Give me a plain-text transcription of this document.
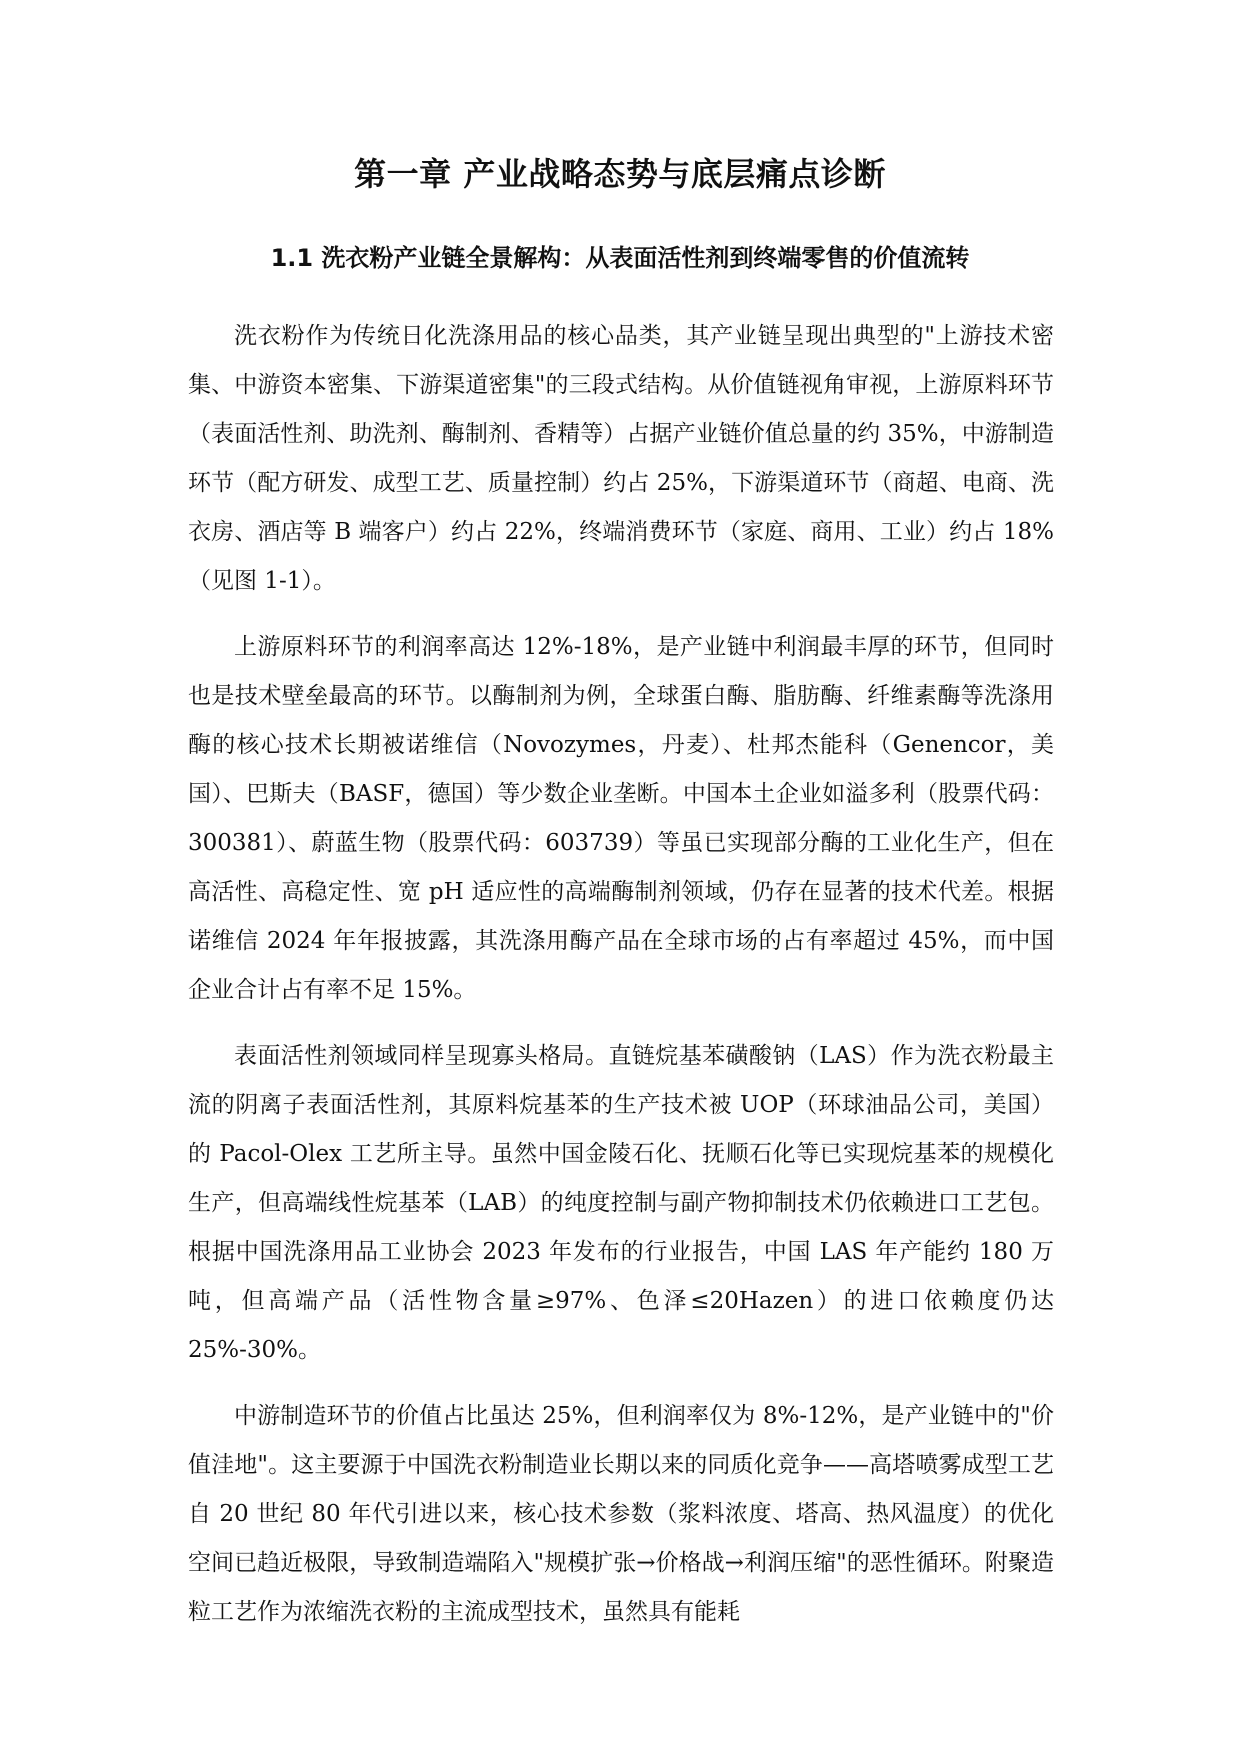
第一章 产业战略态势与底层痛点诊断
1.1 洗衣粉产业链全景解构：从表面活性剂到终端零售的价值流转

洗衣粉作为传统日化洗涤用品的核心品类，其产业链呈现出典型的"上游技术密集、中游资本密集、下游渠道密集"的三段式结构。从价值链视角审视，上游原料环节（表面活性剂、助洗剂、酶制剂、香精等）占据产业链价值总量的约 35%，中游制造环节（配方研发、成型工艺、质量控制）约占 25%，下游渠道环节（商超、电商、洗衣房、酒店等 B 端客户）约占 22%，终端消费环节（家庭、商用、工业）约占 18%（见图 1-1）。

上游原料环节的利润率高达 12%-18%，是产业链中利润最丰厚的环节，但同时也是技术壁垒最高的环节。以酶制剂为例，全球蛋白酶、脂肪酶、纤维素酶等洗涤用酶的核心技术长期被诺维信（Novozymes，丹麦）、杜邦杰能科（Genencor，美国）、巴斯夫（BASF，德国）等少数企业垄断。中国本土企业如溢多利（股票代码：300381）、蔚蓝生物（股票代码：603739）等虽已实现部分酶的工业化生产，但在高活性、高稳定性、宽 pH 适应性的高端酶制剂领域，仍存在显著的技术代差。根据诺维信 2024 年年报披露，其洗涤用酶产品在全球市场的占有率超过 45%，而中国企业合计占有率不足 15%。

表面活性剂领域同样呈现寡头格局。直链烷基苯磺酸钠（LAS）作为洗衣粉最主流的阴离子表面活性剂，其原料烷基苯的生产技术被 UOP（环球油品公司，美国）的 Pacol-Olex 工艺所主导。虽然中国金陵石化、抚顺石化等已实现烷基苯的规模化生产，但高端线性烷基苯（LAB）的纯度控制与副产物抑制技术仍依赖进口工艺包。根据中国洗涤用品工业协会 2023 年发布的行业报告，中国 LAS 年产能约 180 万吨，但高端产品（活性物含量≥97%、色泽≤20Hazen）的进口依赖度仍达 25%-30%。

中游制造环节的价值占比虽达 25%，但利润率仅为 8%-12%，是产业链中的"价值洼地"。这主要源于中国洗衣粉制造业长期以来的同质化竞争——高塔喷雾成型工艺自 20 世纪 80 年代引进以来，核心技术参数（浆料浓度、塔高、热风温度）的优化空间已趋近极限，导致制造端陷入"规模扩张→价格战→利润压缩"的恶性循环。附聚造粒工艺作为浓缩洗衣粉的主流成型技术，虽然具有能耗
